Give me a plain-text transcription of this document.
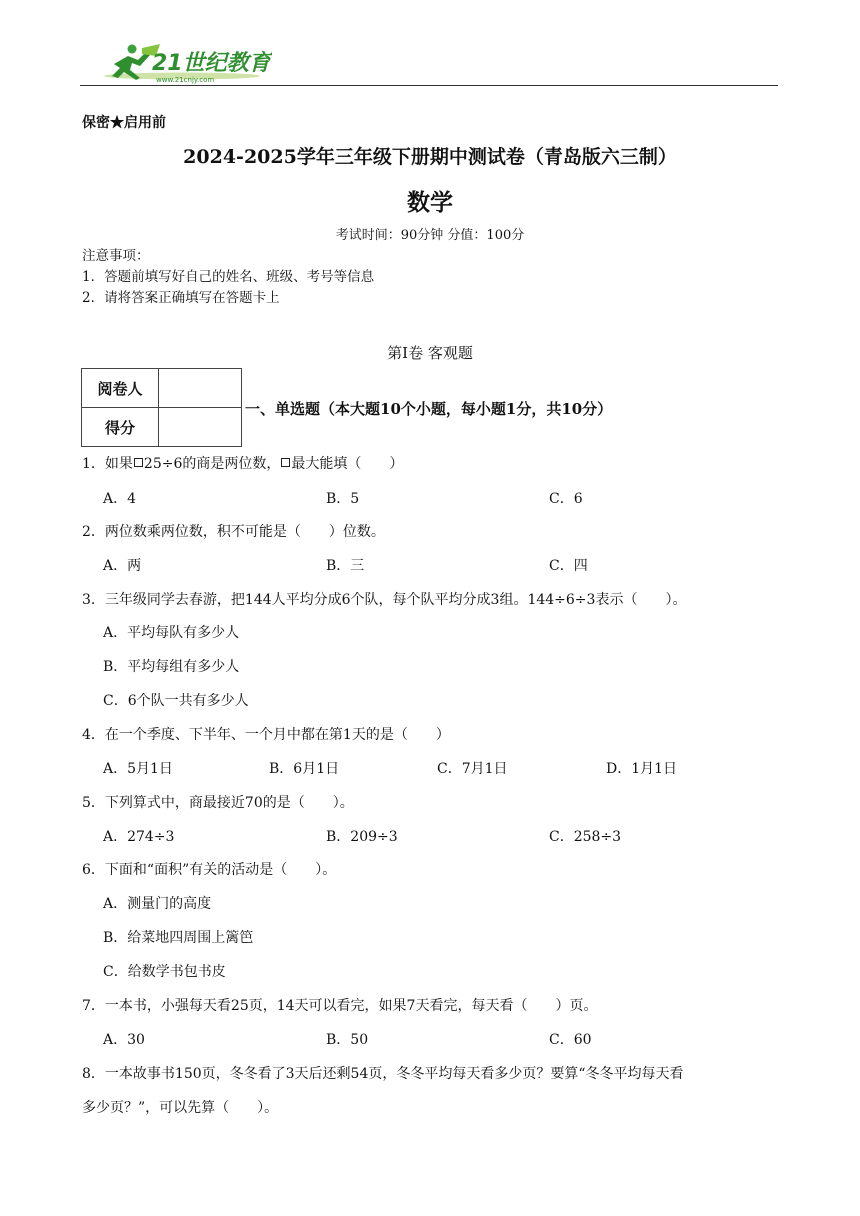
21世纪教育
www.21cnjy.com
保密★启用前
2024-2025学年三年级下册期中测试卷（青岛版六三制）
数学
考试时间：90分钟 分值：100分
注意事项：
1．答题前填写好自己的姓名、班级、考号等信息
2．请将答案正确填写在答题卡上
第Ⅰ卷 客观题
阅卷人	
得分	
一、单选题（本大题10个小题，每小题1分，共10分）
1．如果 25÷6的商是两位数， 最大能填（　　）
A．4	B．5	C．6
2．两位数乘两位数，积不可能是（　　）位数。
A．两	B．三	C．四
3．三年级同学去春游，把144人平均分成6个队，每个队平均分成3组。144÷6÷3表示（　　）。
A．平均每队有多少人
B．平均每组有多少人
C．6个队一共有多少人
4．在一个季度、下半年、一个月中都在第1天的是（　　）
A．5月1日	B．6月1日	C．7月1日	D．1月1日
5．下列算式中，商最接近70的是（　　）。
A．274÷3	B．209÷3	C．258÷3
6．下面和“面积”有关的活动是（　　）。
A．测量门的高度
B．给菜地四周围上篱笆
C．给数学书包书皮
7．一本书，小强每天看25页，14天可以看完，如果7天看完，每天看（　　）页。
A．30	B．50	C．60
8．一本故事书150页，冬冬看了3天后还剩54页，冬冬平均每天看多少页？要算“冬冬平均每天看
多少页？”，可以先算（　　）。
